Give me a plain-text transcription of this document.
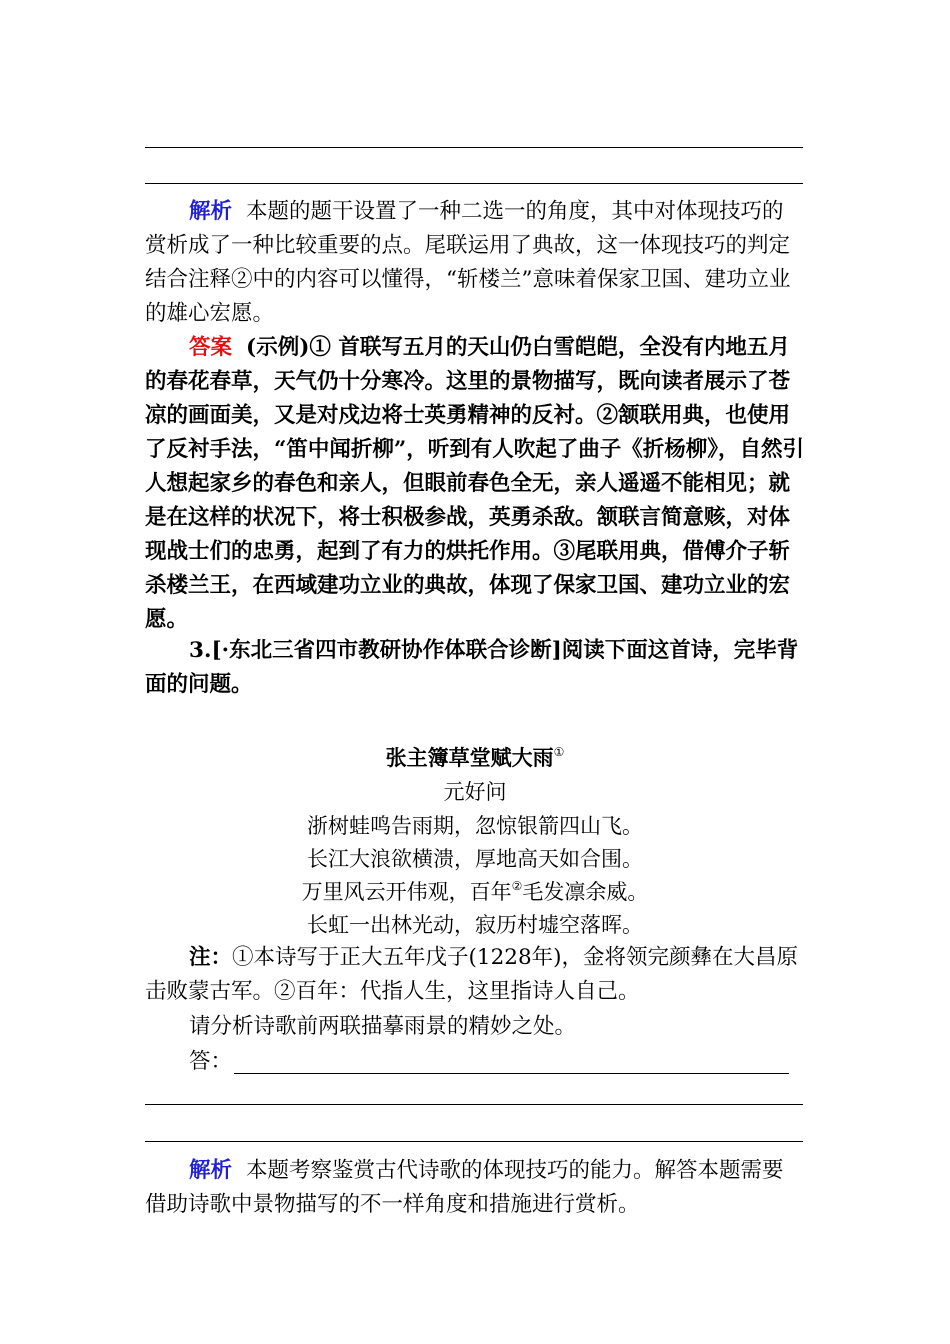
解析 本题的题干设置了一种二选一的角度，其中对体现技巧的赏析成了一种比较重要的点。尾联运用了典故，这一体现技巧的判定结合注释②中的内容可以懂得，“斩楼兰”意味着保家卫国、建功立业的雄心宏愿。

答案 (示例)① 首联写五月的天山仍白雪皑皑，全没有内地五月的春花春草，天气仍十分寒冷。这里的景物描写，既向读者展示了苍凉的画面美，又是对戍边将士英勇精神的反衬。②颔联用典，也使用了反衬手法，“笛中闻折柳”，听到有人吹起了曲子《折杨柳》，自然引人想起家乡的春色和亲人，但眼前春色全无，亲人遥遥不能相见；就是在这样的状况下，将士积极参战，英勇杀敌。颔联言简意赅，对体现战士们的忠勇，起到了有力的烘托作用。③尾联用典，借傅介子斩杀楼兰王，在西域建功立业的典故，体现了保家卫国、建功立业的宏愿。

3.[·东北三省四市教研协作体联合诊断]阅读下面这首诗，完毕背面的问题。

张主簿草堂赋大雨①

元好问

浙树蛙鸣告雨期，忽惊银箭四山飞。

长江大浪欲横溃，厚地高天如合围。

万里风云开伟观，百年②毛发凛余威。

长虹一出林光动，寂历村墟空落晖。

注：①本诗写于正大五年戊子(1228年)，金将领完颜彝在大昌原击败蒙古军。②百年：代指人生，这里指诗人自己。

请分析诗歌前两联描摹雨景的精妙之处。

答：

解析 本题考察鉴赏古代诗歌的体现技巧的能力。解答本题需要借助诗歌中景物描写的不一样角度和措施进行赏析。
